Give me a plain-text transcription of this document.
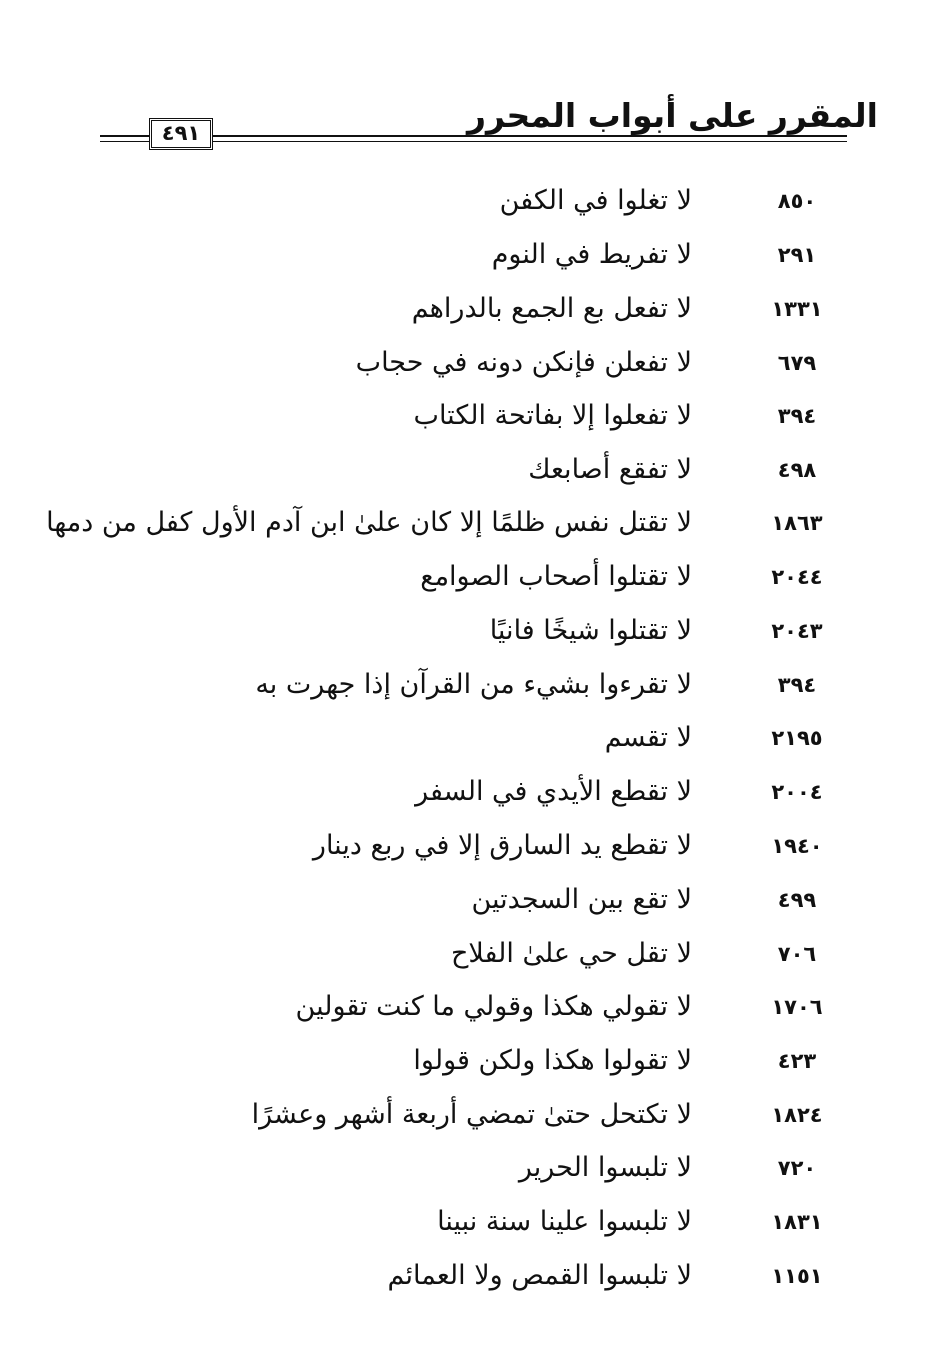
المقرر على أبواب المحرر
٤٩١
لا تغلوا في الكفن	٨٥٠
لا تفريط في النوم	٢٩١
لا تفعل بع الجمع بالدراهم	١٣٣١
لا تفعلن فإنكن دونه في حجاب	٦٧٩
لا تفعلوا إلا بفاتحة الكتاب	٣٩٤
لا تفقع أصابعك	٤٩٨
لا تقتل نفس ظلمًا إلا كان علىٰ ابن آدم الأول كفل من دمها	١٨٦٣
لا تقتلوا أصحاب الصوامع	٢٠٤٤
لا تقتلوا شيخًا فانيًا	٢٠٤٣
لا تقرءوا بشيء من القرآن إذا جهرت به	٣٩٤
لا تقسم	٢١٩٥
لا تقطع الأيدي في السفر	٢٠٠٤
لا تقطع يد السارق إلا في ربع دينار	١٩٤٠
لا تقع بين السجدتين	٤٩٩
لا تقل حي علىٰ الفلاح	٧٠٦
لا تقولي هكذا وقولي ما كنت تقولين	١٧٠٦
لا تقولوا هكذا ولكن قولوا	٤٢٣
لا تكتحل حتىٰ تمضي أربعة أشهر وعشرًا	١٨٢٤
لا تلبسوا الحرير	٧٢٠
لا تلبسوا علينا سنة نبينا	١٨٣١
لا تلبسوا القمص ولا العمائم	١١٥١
